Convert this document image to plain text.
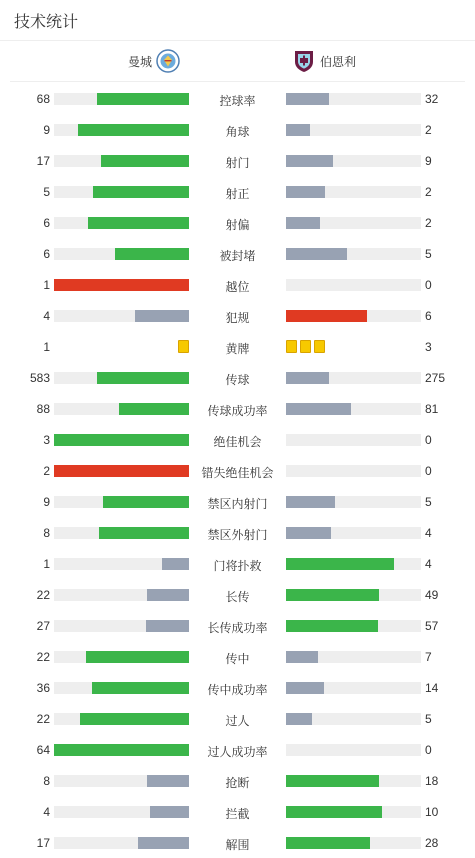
技术统计
曼城	伯恩利
68	控球率	32
9	角球	2
17	射门	9
5	射正	2
6	射偏	2
6	被封堵	5
1	越位	0
4	犯规	6
1	黄牌	3
583	传球	275
88	传球成功率	81
3	绝佳机会	0
2	错失绝佳机会	0
9	禁区内射门	5
8	禁区外射门	4
1	门将扑救	4
22	长传	49
27	长传成功率	57
22	传中	7
36	传中成功率	14
22	过人	5
64	过人成功率	0
8	抢断	18
4	拦截	10
17	解围	28
